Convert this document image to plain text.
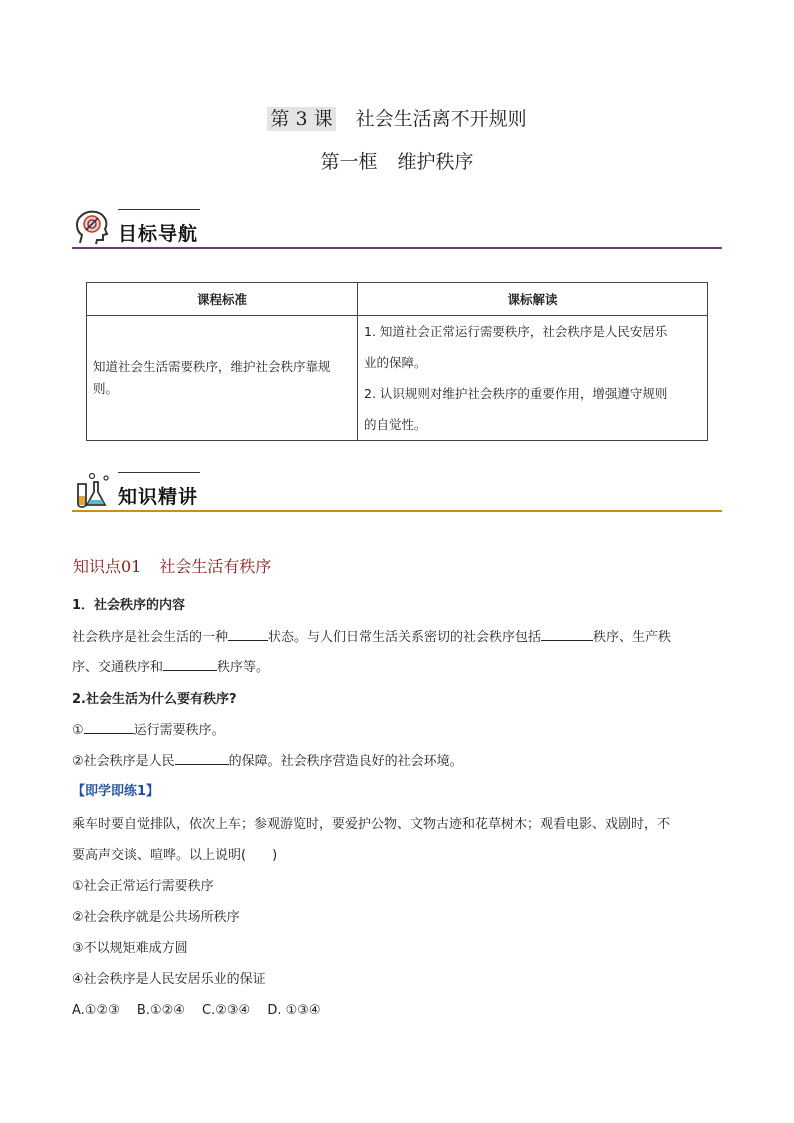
第 3 课 社会生活离不开规则
第一框 维护秩序
目标导航
课程标准	课标解读
知道社会生活需要秩序，维护社会秩序靠规则。	1. 知道社会正常运行需要秩序，社会秩序是人民安居乐
业的保障。
2. 认识规则对维护社会秩序的重要作用，增强遵守规则
的自觉性。
知识精讲
知识点01 社会生活有秩序
1．社会秩序的内容
社会秩序是社会生活的一种	状态。与人们日常生活关系密切的社会秩序包括	秩序、生产秩
序、交通秩序和	秩序等。
2.社会生活为什么要有秩序?
①	运行需要秩序。
②社会秩序是人民	的保障。社会秩序营造良好的社会环境。
【即学即练1】
乘车时要自觉排队，依次上车；参观游览时，要爱护公物、文物古迹和花草树木；观看电影、戏剧时，不
要高声交谈、喧哗。以上说明(　　)
①社会正常运行需要秩序
②社会秩序就是公共场所秩序
③不以规矩难成方圆
④社会秩序是人民安居乐业的保证
A.①②③　 B.①②④　 C.②③④　 D. ①③④
